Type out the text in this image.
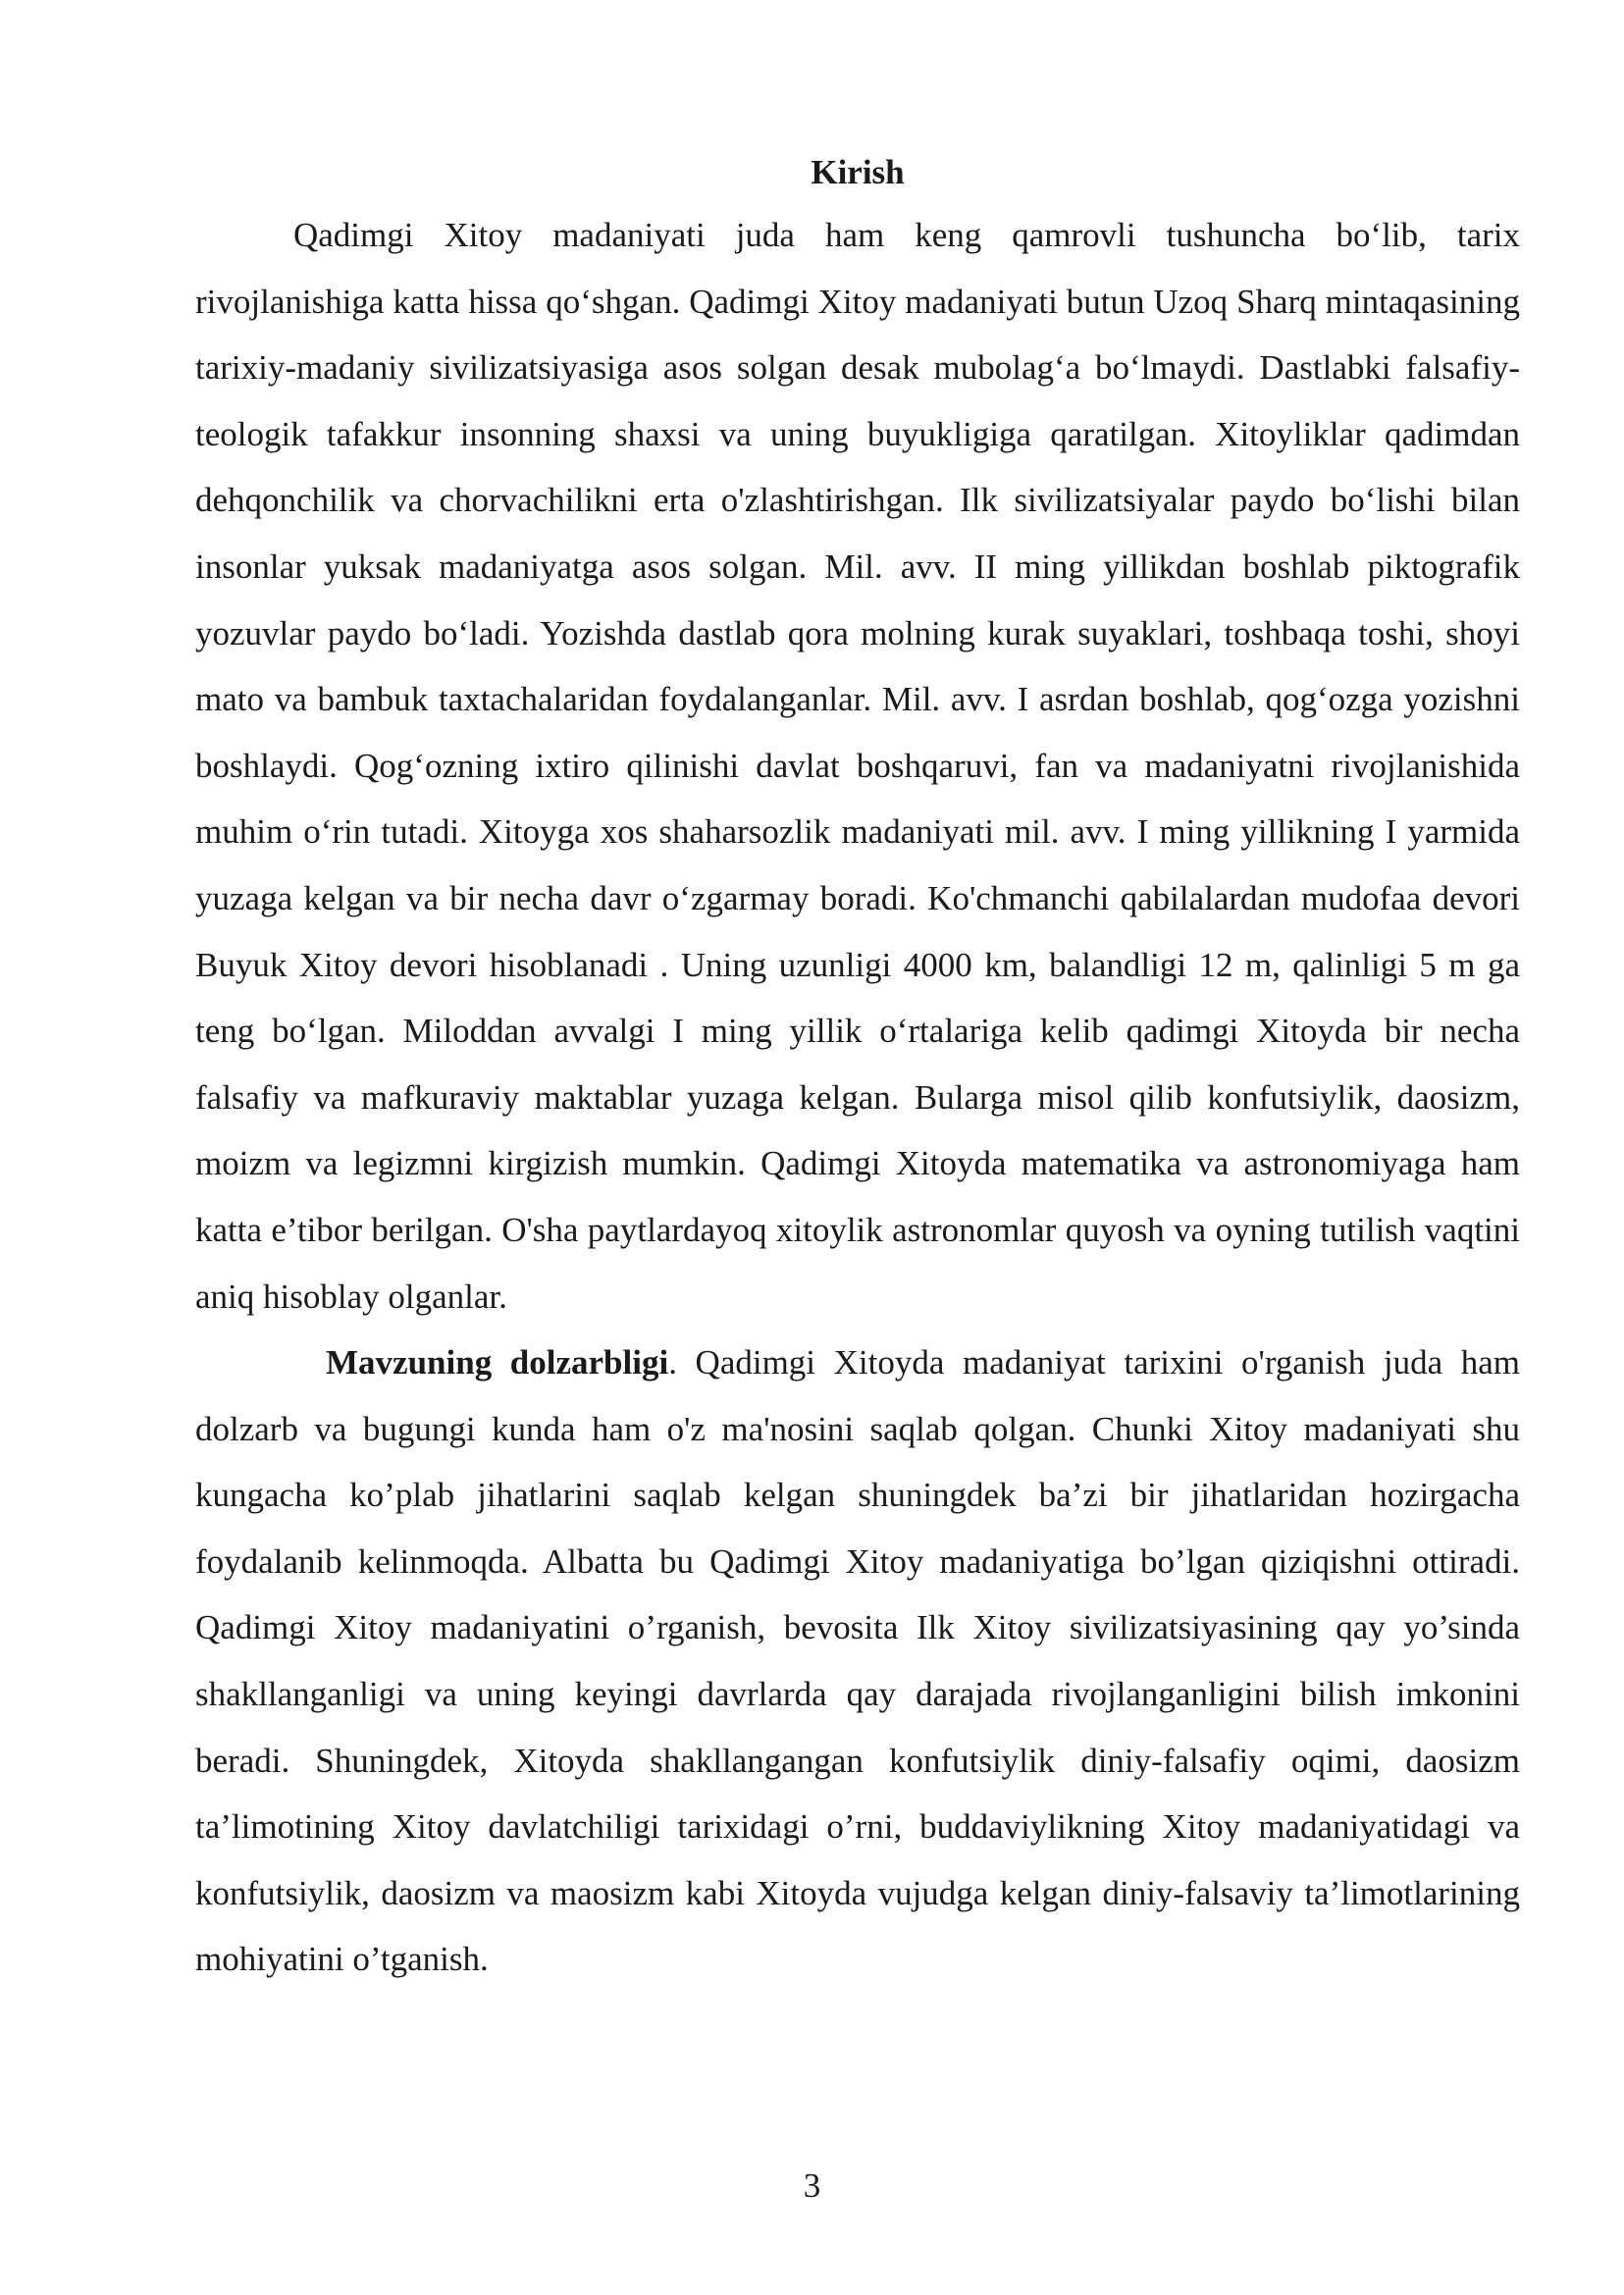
Kirish

Qadimgi Xitoy madaniyati juda ham keng qamrovli tushuncha bo‘lib, tarix rivojlanishiga katta hissa qo‘shgan. Qadimgi Xitoy madaniyati butun Uzoq Sharq mintaqasining tarixiy-madaniy sivilizatsiyasiga asos solgan desak mubolag‘a bo‘lmaydi. Dastlabki falsafiy-teologik tafakkur insonning shaxsi va uning buyukligiga qaratilgan. Xitoyliklar qadimdan dehqonchilik va chorvachilikni erta o'zlashtirishgan. Ilk sivilizatsiyalar paydo bo‘lishi bilan insonlar yuksak madaniyatga asos solgan. Mil. avv. II ming yillikdan boshlab piktografik yozuvlar paydo bo‘ladi. Yozishda dastlab qora molning kurak suyaklari, toshbaqa toshi, shoyi mato va bambuk taxtachalaridan foydalanganlar. Mil. avv. I asrdan boshlab, qog‘ozga yozishni boshlaydi. Qog‘ozning ixtiro qilinishi davlat boshqaruvi, fan va madaniyatni rivojlanishida muhim o‘rin tutadi. Xitoyga xos shaharsozlik madaniyati mil. avv. I ming yillikning I yarmida yuzaga kelgan va bir necha davr o‘zgarmay boradi. Ko'chmanchi qabilalardan mudofaa devori Buyuk Xitoy devori hisoblanadi . Uning uzunligi 4000 km, balandligi 12 m, qalinligi 5 m ga teng bo‘lgan. Miloddan avvalgi I ming yillik o‘rtalariga kelib qadimgi Xitoyda bir necha falsafiy va mafkuraviy maktablar yuzaga kelgan. Bularga misol qilib konfutsiylik, daosizm, moizm va legizmni kirgizish mumkin. Qadimgi Xitoyda matematika va astronomiyaga ham katta e’tibor berilgan. O'sha paytlardayoq xitoylik astronomlar quyosh va oyning tutilish vaqtini aniq hisoblay olganlar.

Mavzuning dolzarbligi. Qadimgi Xitoyda madaniyat tarixini o'rganish juda ham dolzarb va bugungi kunda ham o'z ma'nosini saqlab qolgan. Chunki Xitoy madaniyati shu kungacha ko’plab jihatlarini saqlab kelgan shuningdek ba’zi bir jihatlaridan hozirgacha foydalanib kelinmoqda. Albatta bu Qadimgi Xitoy madaniyatiga bo’lgan qiziqishni ottiradi. Qadimgi Xitoy madaniyatini o’rganish, bevosita Ilk Xitoy sivilizatsiyasining qay yo’sinda shakllanganligi va uning keyingi davrlarda qay darajada rivojlanganligini bilish imkonini beradi. Shuningdek, Xitoyda shakllangangan konfutsiylik diniy-falsafiy oqimi, daosizm ta’limotining Xitoy davlatchiligi tarixidagi o’rni, buddaviylikning Xitoy madaniyatidagi va konfutsiylik, daosizm va maosizm kabi Xitoyda vujudga kelgan diniy-falsaviy ta’limotlarining mohiyatini o’tganish.

3
